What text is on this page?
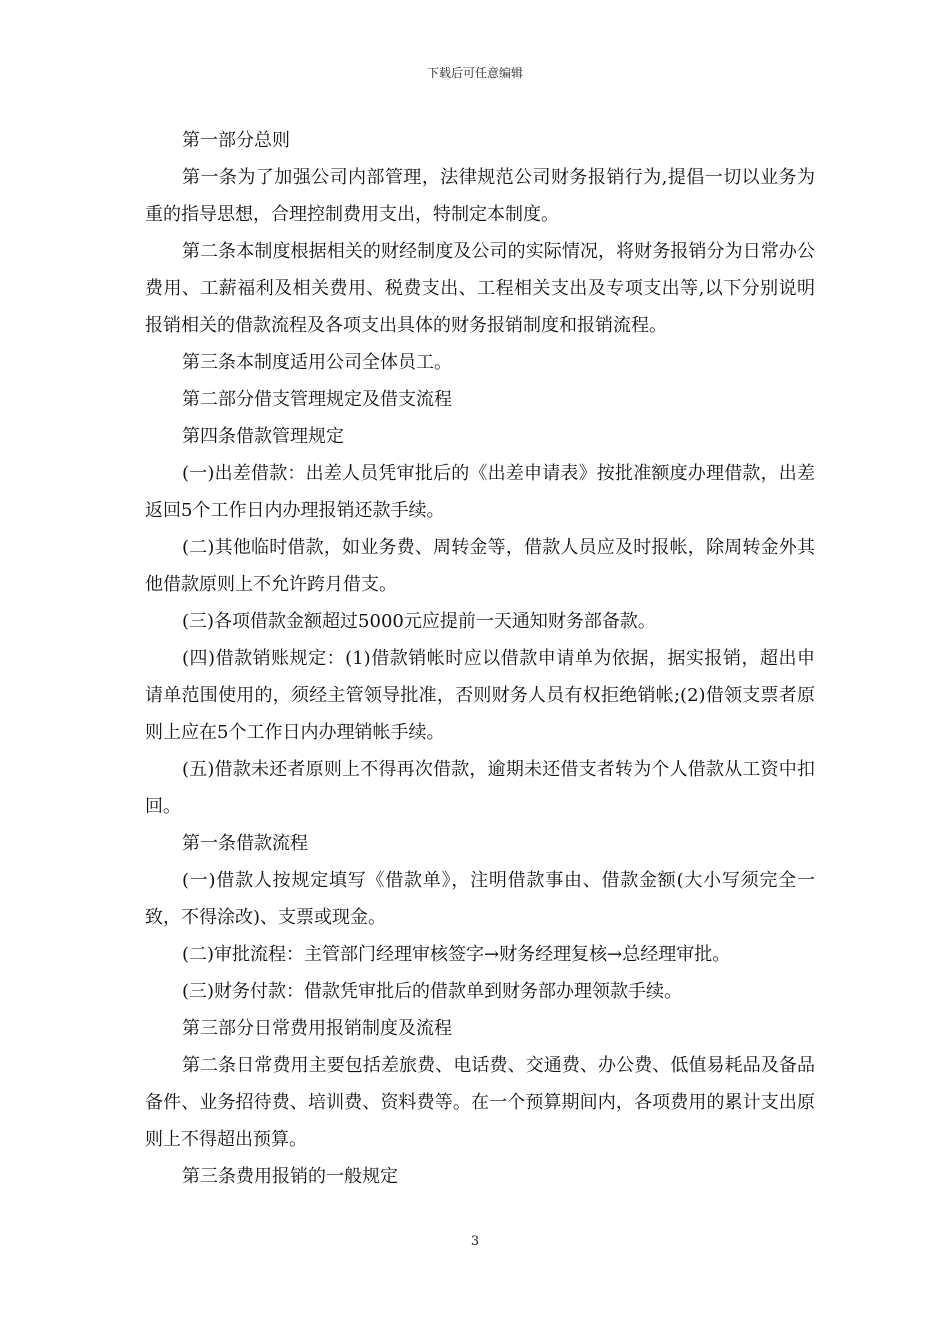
下载后可任意编辑

第一部分总则

第一条为了加强公司内部管理，法律规范公司财务报销行为,提倡一切以业务为重的指导思想，合理控制费用支出，特制定本制度。

第二条本制度根据相关的财经制度及公司的实际情况，将财务报销分为日常办公费用、工薪福利及相关费用、税费支出、工程相关支出及专项支出等,以下分别说明报销相关的借款流程及各项支出具体的财务报销制度和报销流程。

第三条本制度适用公司全体员工。

第二部分借支管理规定及借支流程

第四条借款管理规定

(一)出差借款：出差人员凭审批后的《出差申请表》按批准额度办理借款，出差返回5个工作日内办理报销还款手续。

(二)其他临时借款，如业务费、周转金等，借款人员应及时报帐，除周转金外其他借款原则上不允许跨月借支。

(三)各项借款金额超过5000元应提前一天通知财务部备款。

(四)借款销账规定：(1)借款销帐时应以借款申请单为依据，据实报销，超出申请单范围使用的，须经主管领导批准，否则财务人员有权拒绝销帐;(2)借领支票者原则上应在5个工作日内办理销帐手续。

(五)借款未还者原则上不得再次借款，逾期未还借支者转为个人借款从工资中扣回。

第一条借款流程

(一)借款人按规定填写《借款单》，注明借款事由、借款金额(大小写须完全一致，不得涂改)、支票或现金。

(二)审批流程：主管部门经理审核签字→财务经理复核→总经理审批。

(三)财务付款：借款凭审批后的借款单到财务部办理领款手续。

第三部分日常费用报销制度及流程

第二条日常费用主要包括差旅费、电话费、交通费、办公费、低值易耗品及备品备件、业务招待费、培训费、资料费等。在一个预算期间内，各项费用的累计支出原则上不得超出预算。

第三条费用报销的一般规定

3
